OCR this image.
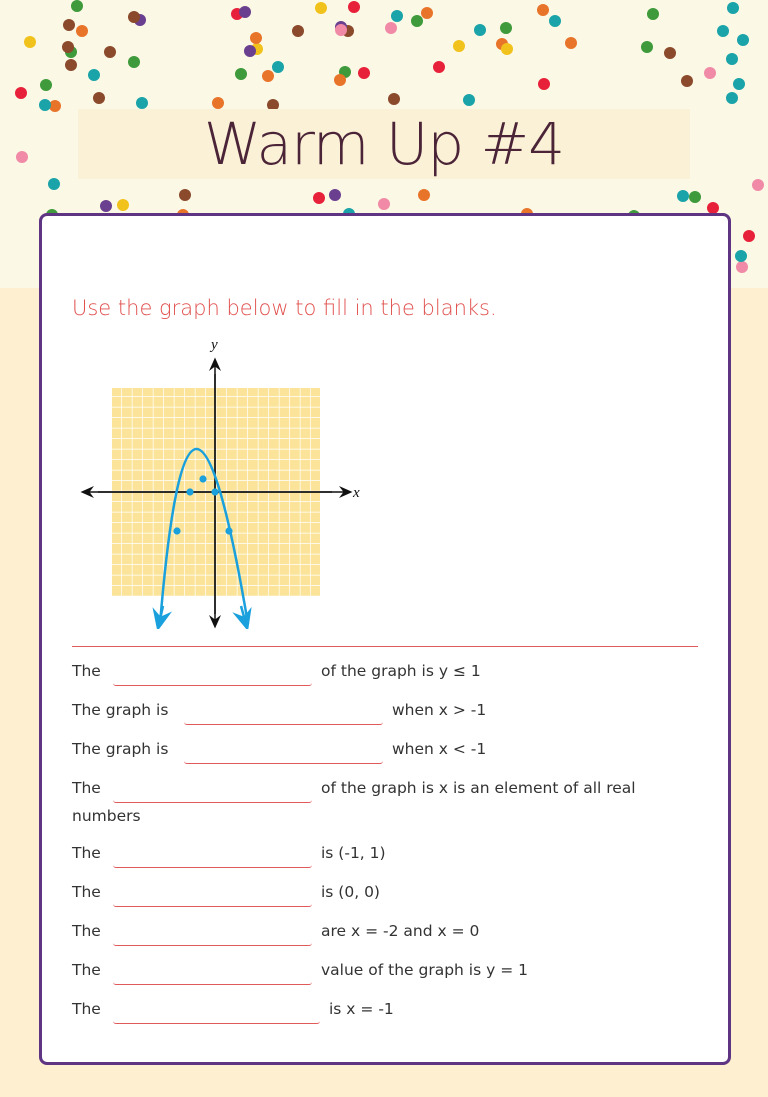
Warm Up #4
Use the graph below to fill in the blanks.
x
y
The	of the graph is y ≤ 1
The graph is	when x > -1
The graph is	when x < -1
The	of the graph is x is an element of all real
numbers
The	is (-1, 1)
The	is (0, 0)
The	are x = -2 and x = 0
The	value of the graph is y = 1
The	is x = -1
